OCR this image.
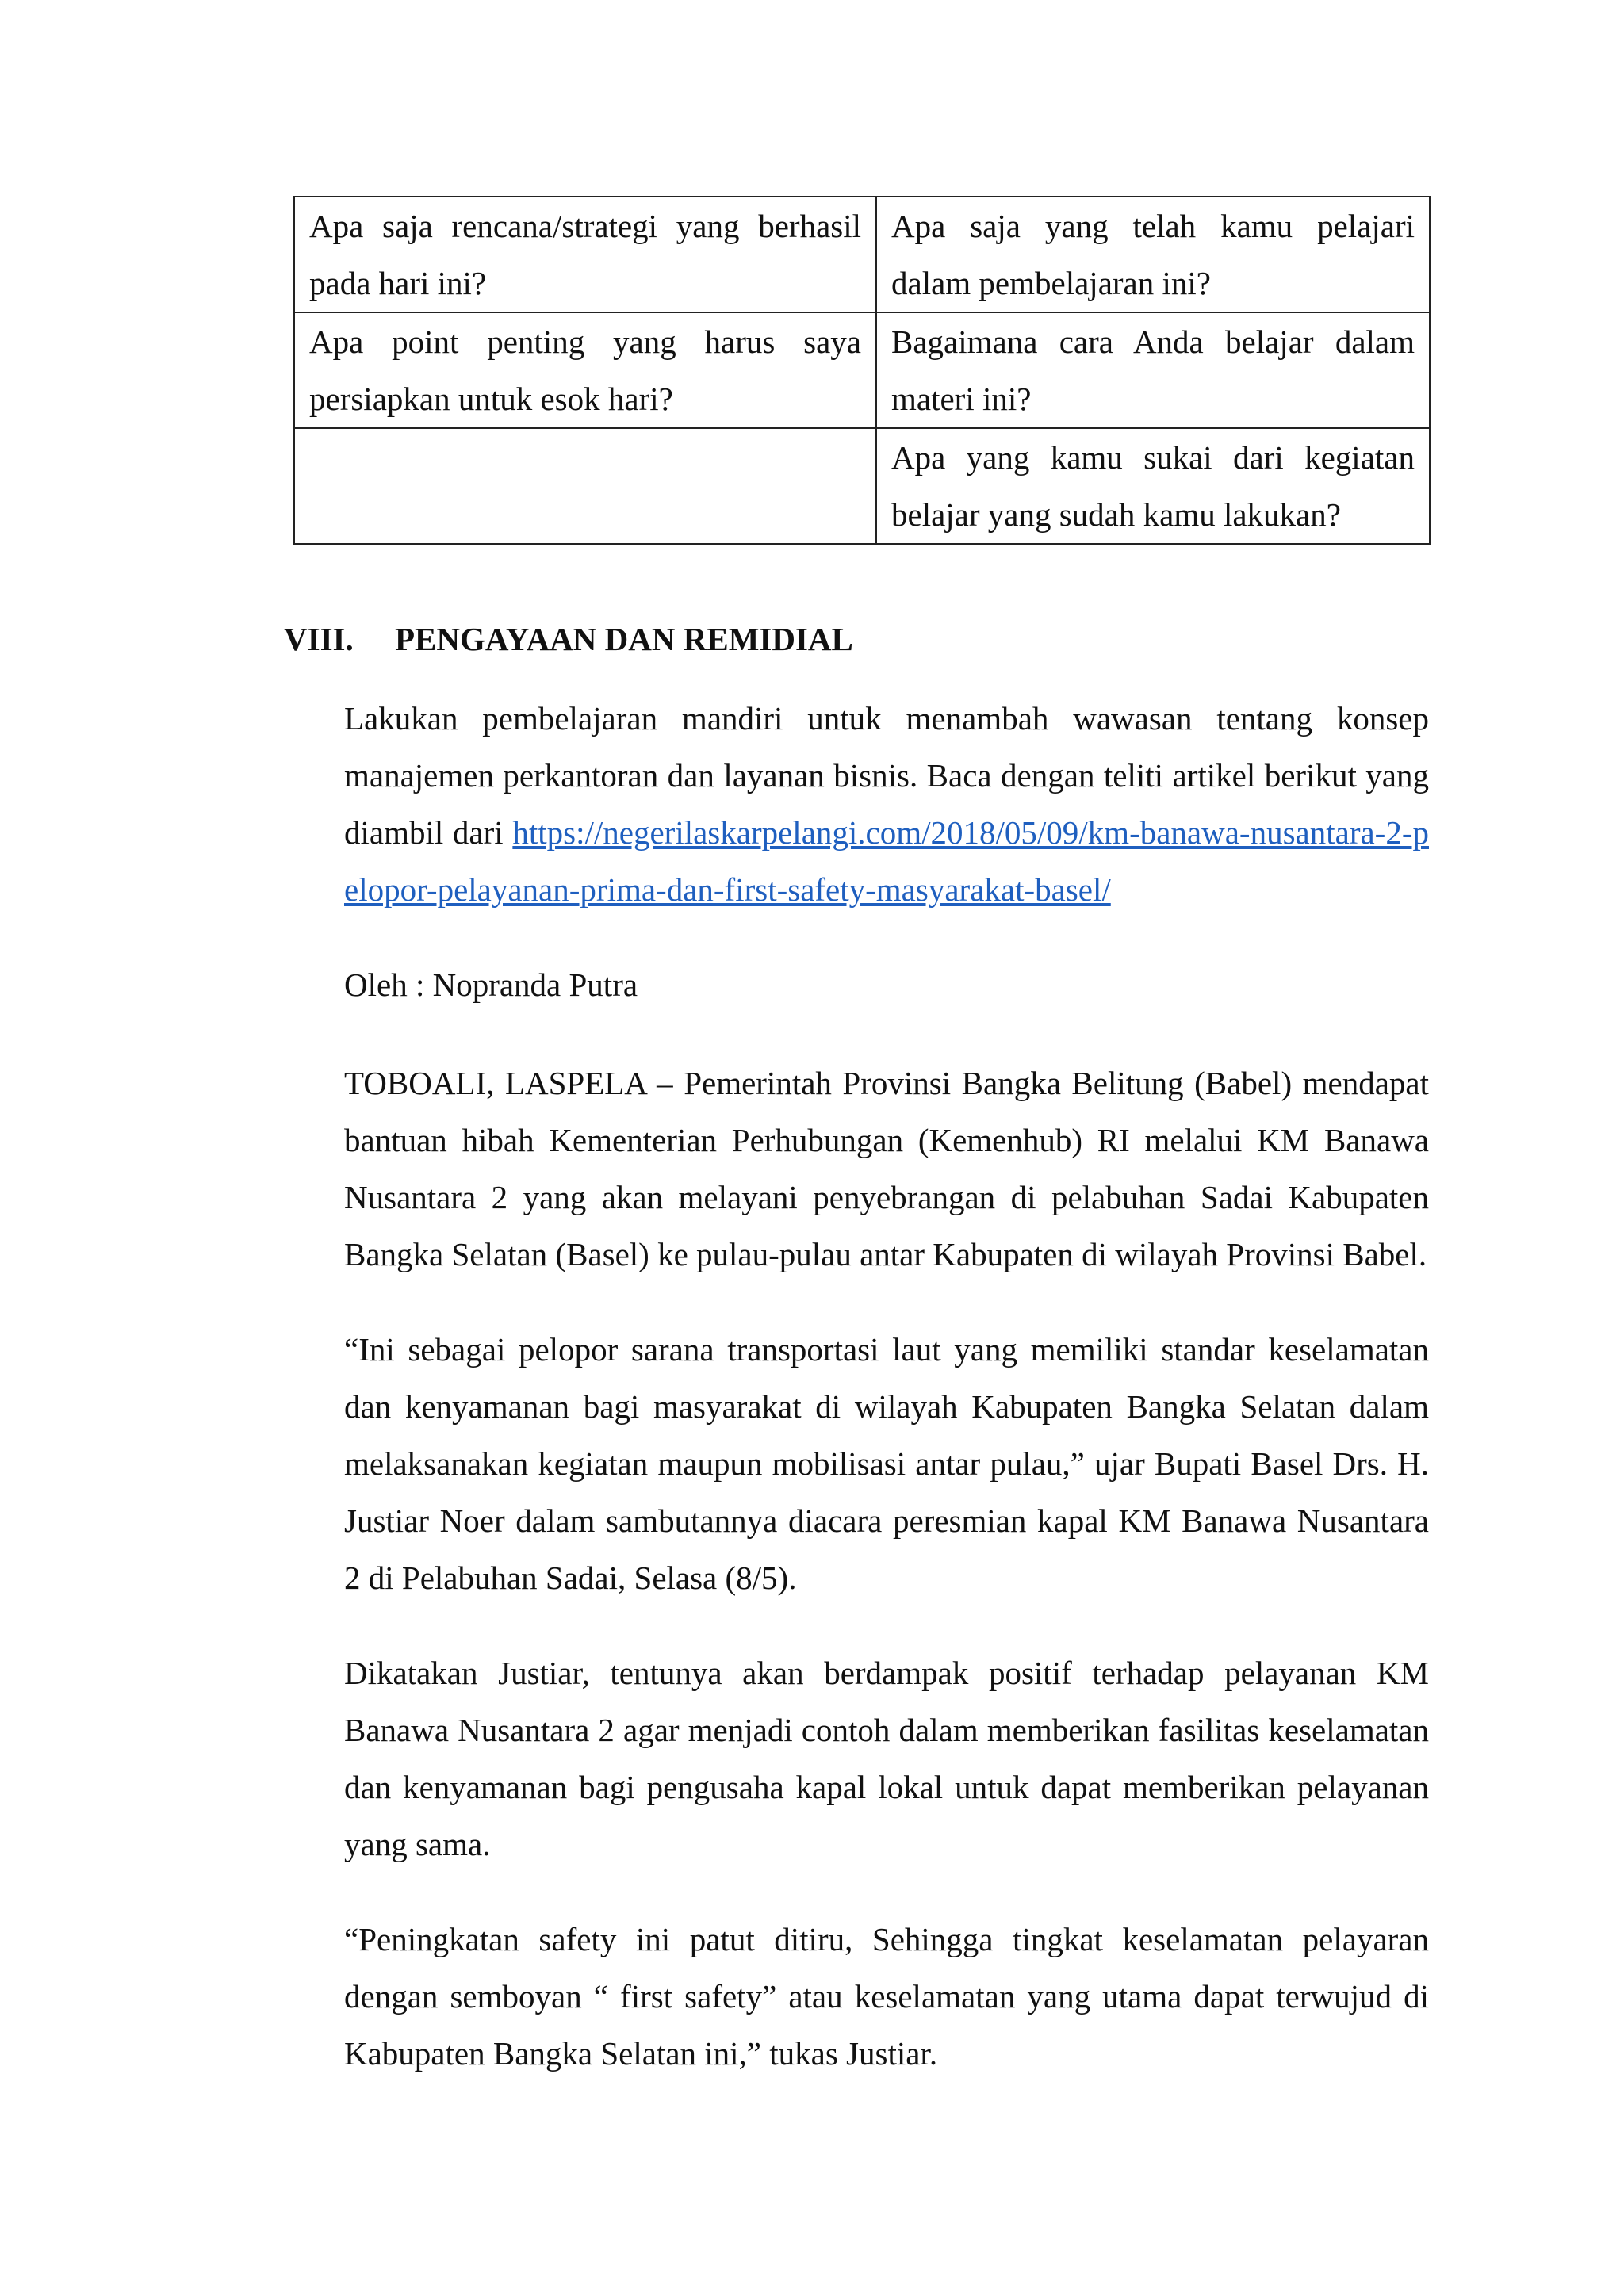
Apa saja rencana/strategi yang berhasil pada hari ini?	Apa saja yang telah kamu pelajari dalam pembelajaran ini?
Apa point penting yang harus saya persiapkan untuk esok hari?	Bagaimana cara Anda belajar dalam materi ini?
	Apa yang kamu sukai dari kegiatan belajar yang sudah kamu lakukan?
VIII. PENGAYAAN DAN REMIDIAL

Lakukan pembelajaran mandiri untuk menambah wawasan tentang konsep manajemen perkantoran dan layanan bisnis. Baca dengan teliti artikel berikut yang diambil dari https://negerilaskarpelangi.com/2018/05/09/km-banawa-nusantara-2-pelopor-pelayanan-prima-dan-first-safety-masyarakat-basel/

Oleh : Nopranda Putra

TOBOALI, LASPELA – Pemerintah Provinsi Bangka Belitung (Babel) mendapat bantuan hibah Kementerian Perhubungan (Kemenhub) RI melalui KM Banawa Nusantara 2 yang akan melayani penyebrangan di pelabuhan Sadai Kabupaten Bangka Selatan (Basel) ke pulau-pulau antar Kabupaten di wilayah Provinsi Babel.

“Ini sebagai pelopor sarana transportasi laut yang memiliki standar keselamatan dan kenyamanan bagi masyarakat di wilayah Kabupaten Bangka Selatan dalam melaksanakan kegiatan maupun mobilisasi antar pulau,” ujar Bupati Basel Drs. H. Justiar Noer dalam sambutannya diacara peresmian kapal KM Banawa Nusantara 2 di Pelabuhan Sadai, Selasa (8/5).

Dikatakan Justiar, tentunya akan berdampak positif terhadap pelayanan KM Banawa Nusantara 2 agar menjadi contoh dalam memberikan fasilitas keselamatan dan kenyamanan bagi pengusaha kapal lokal untuk dapat memberikan pelayanan yang sama.

“Peningkatan safety ini patut ditiru, Sehingga tingkat keselamatan pelayaran dengan semboyan “ first safety” atau keselamatan yang utama dapat terwujud di Kabupaten Bangka Selatan ini,” tukas Justiar.
